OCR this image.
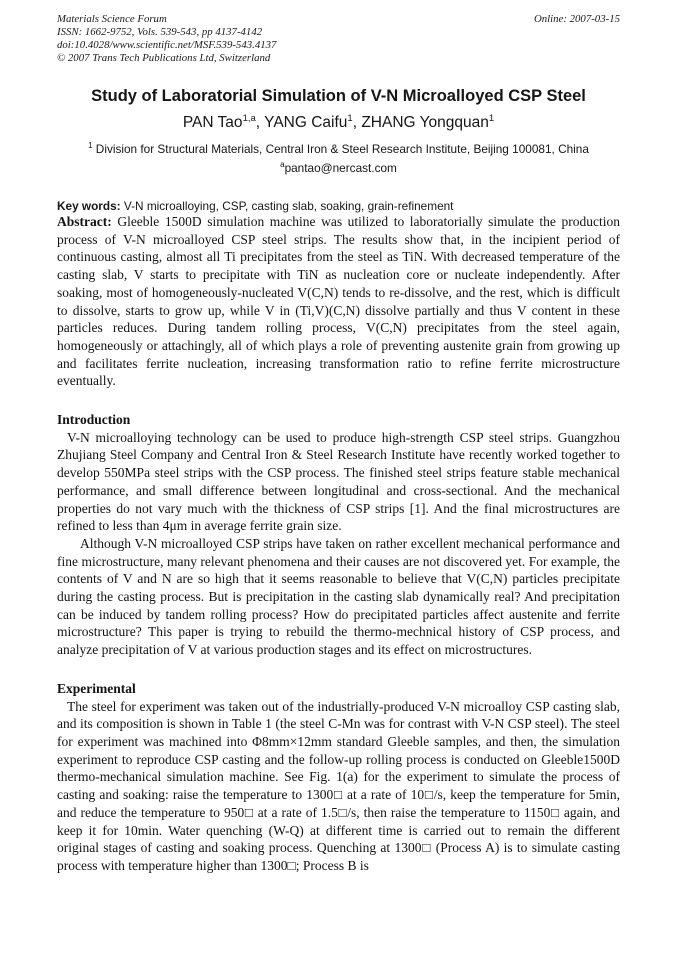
Materials Science Forum
ISSN: 1662-9752, Vols. 539-543, pp 4137-4142
doi:10.4028/www.scientific.net/MSF.539-543.4137
© 2007 Trans Tech Publications Ltd, Switzerland
Online: 2007-03-15
Study of Laboratorial Simulation of V-N Microalloyed CSP Steel
PAN Tao$^{1,a}$, YANG Caifu$^1$, ZHANG Yongquan$^1$
$^1$ Division for Structural Materials, Central Iron & Steel Research Institute, Beijing 100081, China
$^a$pantao@nercast.com
Key words: V-N microalloying, CSP, casting slab, soaking, grain-refinement

Abstract: Gleeble 1500D simulation machine was utilized to laboratorially simulate the production process of V-N microalloyed CSP steel strips. The results show that, in the incipient period of continuous casting, almost all Ti precipitates from the steel as TiN. With decreased temperature of the casting slab, V starts to precipitate with TiN as nucleation core or nucleate independently. After soaking, most of homogeneously-nucleated V(C,N) tends to re-dissolve, and the rest, which is difficult to dissolve, starts to grow up, while V in (Ti,V)(C,N) dissolve partially and thus V content in these particles reduces. During tandem rolling process, V(C,N) precipitates from the steel again, homogeneously or attachingly, all of which plays a role of preventing austenite grain from growing up and facilitates ferrite nucleation, increasing transformation ratio to refine ferrite microstructure eventually.

Introduction

V-N microalloying technology can be used to produce high-strength CSP steel strips. Guangzhou Zhujiang Steel Company and Central Iron & Steel Research Institute have recently worked together to develop 550MPa steel strips with the CSP process. The finished steel strips feature stable mechanical performance, and small difference between longitudinal and cross-sectional. And the mechanical properties do not vary much with the thickness of CSP strips [1]. And the final microstructures are refined to less than 4μm in average ferrite grain size.

Although V-N microalloyed CSP strips have taken on rather excellent mechanical performance and fine microstructure, many relevant phenomena and their causes are not discovered yet. For example, the contents of V and N are so high that it seems reasonable to believe that V(C,N) particles precipitate during the casting process. But is precipitation in the casting slab dynamically real? And precipitation can be induced by tandem rolling process? How do precipitated particles affect austenite and ferrite microstructure? This paper is trying to rebuild the thermo-mechnical history of CSP process, and analyze precipitation of V at various production stages and its effect on microstructures.

Experimental

The steel for experiment was taken out of the industrially-produced V-N microalloy CSP casting slab, and its composition is shown in Table 1 (the steel C-Mn was for contrast with V-N CSP steel). The steel for experiment was machined into Φ8mm×12mm standard Gleeble samples, and then, the simulation experiment to reproduce CSP casting and the follow-up rolling process is conducted on Gleeble1500D thermo-mechanical simulation machine. See Fig. 1(a) for the experiment to simulate the process of casting and soaking: raise the temperature to 1300□ at a rate of 10□/s, keep the temperature for 5min, and reduce the temperature to 950□ at a rate of 1.5□/s, then raise the temperature to 1150□ again, and keep it for 10min. Water quenching (W-Q) at different time is carried out to remain the different original stages of casting and soaking process. Quenching at 1300□ (Process A) is to simulate casting process with temperature higher than 1300□; Process B is
